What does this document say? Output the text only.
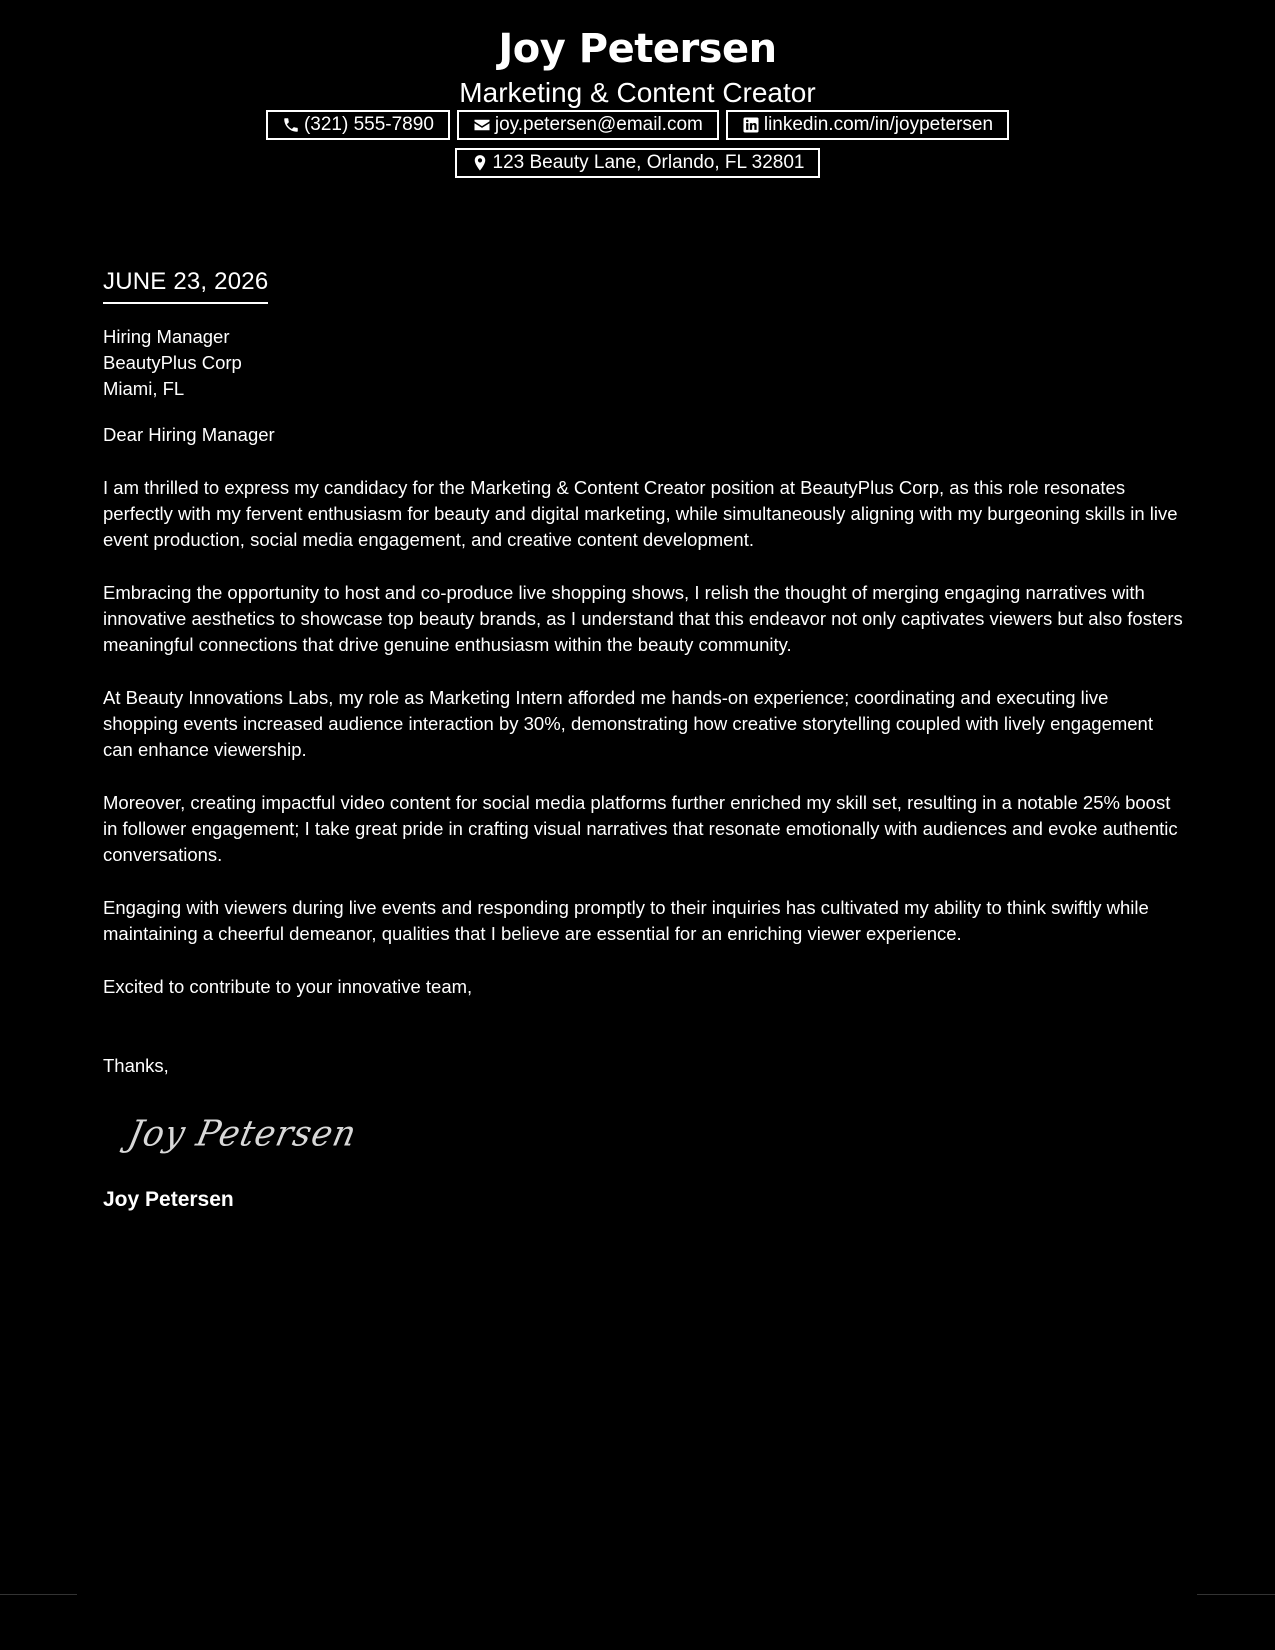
Joy Petersen
Marketing & Content Creator
(321) 555-7890	joy.petersen@email.com	linkedin.com/in/joypetersen
123 Beauty Lane, Orlando, FL 32801
JUNE 23, 2026
Hiring Manager
BeautyPlus Corp
Miami, FL
Dear Hiring Manager
I am thrilled to express my candidacy for the Marketing & Content Creator position at BeautyPlus Corp, as this role resonates perfectly with my fervent enthusiasm for beauty and digital marketing, while simultaneously aligning with my burgeoning skills in live event production, social media engagement, and creative content development.
Embracing the opportunity to host and co-produce live shopping shows, I relish the thought of merging engaging narratives with innovative aesthetics to showcase top beauty brands, as I understand that this endeavor not only captivates viewers but also fosters meaningful connections that drive genuine enthusiasm within the beauty community.
At Beauty Innovations Labs, my role as Marketing Intern afforded me hands-on experience; coordinating and executing live shopping events increased audience interaction by 30%, demonstrating how creative storytelling coupled with lively engagement can enhance viewership.
Moreover, creating impactful video content for social media platforms further enriched my skill set, resulting in a notable 25% boost in follower engagement; I take great pride in crafting visual narratives that resonate emotionally with audiences and evoke authentic conversations.
Engaging with viewers during live events and responding promptly to their inquiries has cultivated my ability to think swiftly while maintaining a cheerful demeanor, qualities that I believe are essential for an enriching viewer experience.
Excited to contribute to your innovative team,
Thanks,
Joy Petersen
Joy Petersen
